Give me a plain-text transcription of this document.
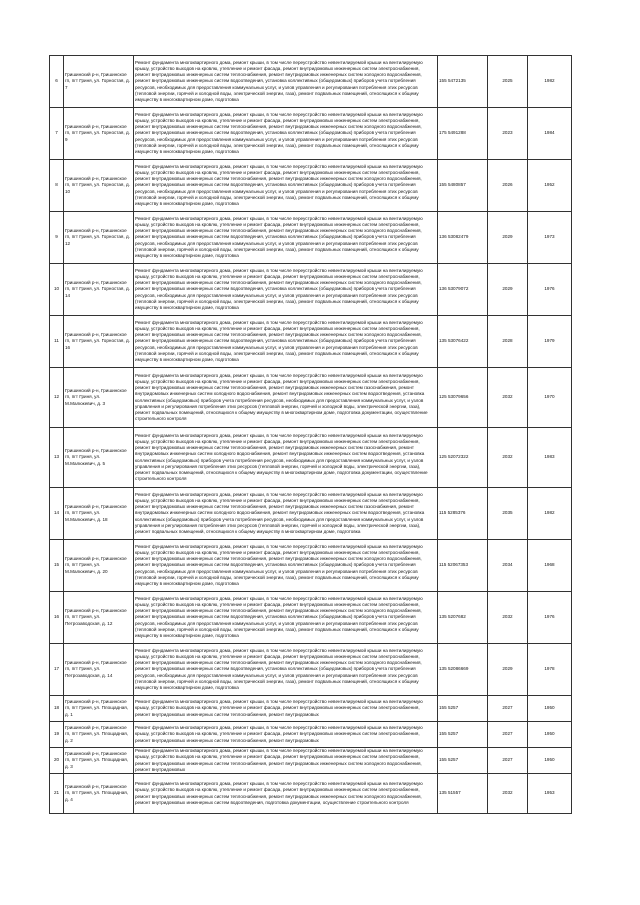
6	Гришинский р-н, Гришинское гп, пгт Гриня, ул. Горностая, д. 7	Ремонт фундамента многоквартирного дома, ремонт крыши, в том числе переустройство невентилируемой крыши на вентилируемую крышу, устройство выходов на кровлю, утепление и ремонт фасада, ремонт внутридомовых инженерных систем электроснабжения, ремонт внутридомовых инженерных систем теплоснабжения, ремонт внутридомовых инженерных систем холодного водоснабжения, ремонт внутридомовых инженерных систем водоотведения, установка коллективных (общедомовых) приборов учета потребления ресурсов, необходимых для предоставления коммунальных услуг, и узлов управления и регулирования потребления этих ресурсов (тепловой энергии, горячей и холодной воды, электрической энергии, газа), ремонт подвальных помещений, относящихся к общему имуществу в многоквартирном доме, подготовка	155 5472135	2025	1982
7	Гришинский р-н, Гришинское гп, пгт Гриня, ул. Горностая, д. 9	Ремонт фундамента многоквартирного дома, ремонт крыши, в том числе переустройство невентилируемой крыши на вентилируемую крышу, устройство выходов на кровлю, утепление и ремонт фасада, ремонт внутридомовых инженерных систем электроснабжения, ремонт внутридомовых инженерных систем теплоснабжения, ремонт внутридомовых инженерных систем холодного водоснабжения, ремонт внутридомовых инженерных систем водоотведения, установка коллективных (общедомовых) приборов учета потребления ресурсов, необходимых для предоставления коммунальных услуг, и узлов управления и регулирования потребления этих ресурсов (тепловой энергии, горячей и холодной воды, электрической энергии, газа), ремонт подвальных помещений, относящихся к общему имуществу в многоквартирном доме, подготовка	175 5491288	2023	1984
8	Гришинский р-н, Гришинское гп, пгт Гриня, ул. Горностая, д. 10	Ремонт фундамента многоквартирного дома, ремонт крыши, в том числе переустройство невентилируемой крыши на вентилируемую крышу, устройство выходов на кровлю, утепление и ремонт фасада, ремонт внутридомовых инженерных систем электроснабжения, ремонт внутридомовых инженерных систем теплоснабжения, ремонт внутридомовых инженерных систем холодного водоснабжения, ремонт внутридомовых инженерных систем водоотведения, установка коллективных (общедомовых) приборов учета потребления ресурсов, необходимых для предоставления коммунальных услуг, и узлов управления и регулирования потребления этих ресурсов (тепловой энергии, горячей и холодной воды, электрической энергии, газа), ремонт подвальных помещений, относящихся к общему имуществу в многоквартирном доме, подготовка	155 5480857	2026	1952
9	Гришинский р-н, Гришинское гп, пгт Гриня, ул. Горностая, д. 12	Ремонт фундамента многоквартирного дома, ремонт крыши, в том числе переустройство невентилируемой крыши на вентилируемую крышу, устройство выходов на кровлю, утепление и ремонт фасада, ремонт внутридомовых инженерных систем электроснабжения, ремонт внутридомовых инженерных систем теплоснабжения, ремонт внутридомовых инженерных систем холодного водоснабжения, ремонт внутридомовых инженерных систем водоотведения, установка коллективных (общедомовых) приборов учета потребления ресурсов, необходимых для предоставления коммунальных услуг, и узлов управления и регулирования потребления этих ресурсов (тепловой энергии, горячей и холодной воды, электрической энергии, газа), ремонт подвальных помещений, относящихся к общему имуществу в многоквартирном доме, подготовка	136 53082479	2029	1973
10	Гришинский р-н, Гришинское гп, пгт Гриня, ул. Горностая, д. 14	Ремонт фундамента многоквартирного дома, ремонт крыши, в том числе переустройство невентилируемой крыши на вентилируемую крышу, устройство выходов на кровлю, утепление и ремонт фасада, ремонт внутридомовых инженерных систем электроснабжения, ремонт внутридомовых инженерных систем теплоснабжения, ремонт внутридомовых инженерных систем холодного водоснабжения, ремонт внутридомовых инженерных систем водоотведения, установка коллективных (общедомовых) приборов учета потребления ресурсов, необходимых для предоставления коммунальных услуг, и узлов управления и регулирования потребления этих ресурсов (тепловой энергии, горячей и холодной воды, электрической энергии, газа), ремонт подвальных помещений, относящихся к общему имуществу в многоквартирном доме, подготовка	136 53079072	2029	1976
11	Гришинский р-н, Гришинское гп, пгт Гриня, ул. Горностая, д. 16	Ремонт фундамента многоквартирного дома, ремонт крыши, в том числе переустройство невентилируемой крыши на вентилируемую крышу, устройство выходов на кровлю, утепление и ремонт фасада, ремонт внутридомовых инженерных систем электроснабжения, ремонт внутридомовых инженерных систем теплоснабжения, ремонт внутридомовых инженерных систем холодного водоснабжения, ремонт внутридомовых инженерных систем водоотведения, установка коллективных (общедомовых) приборов учета потребления ресурсов, необходимых для предоставления коммунальных услуг, и узлов управления и регулирования потребления этих ресурсов (тепловой энергии, горячей и холодной воды, электрической энергии, газа), ремонт подвальных помещений, относящихся к общему имуществу в многоквартирном доме, подготовка	135 53076422	2028	1979
12	Гришинский р-н, Гришинское гп, пгт Гриня, ул. М.Малюкевич, д. 3	Ремонт фундамента многоквартирного дома, ремонт крыши, в том числе переустройство невентилируемой крыши на вентилируемую крышу, устройство выходов на кровлю, утепление и ремонт фасада, ремонт внутридомовых инженерных систем электроснабжения, ремонт внутридомовых инженерных систем теплоснабжения, ремонт внутридомовых инженерных систем газоснабжения, ремонт внутридомовых инженерных систем холодного водоснабжения, ремонт внутридомовых инженерных систем водоотведения, установка коллективных (общедомовых) приборов учета потребления ресурсов, необходимых для предоставления коммунальных услуг, и узлов управления и регулирования потребления этих ресурсов (тепловой энергии, горячей и холодной воды, электрической энергии, газа), ремонт подвальных помещений, относящихся к общему имуществу в многоквартирном доме, подготовка документации, осуществление строительного контроля	125 53079656	2032	1970
13	Гришинский р-н, Гришинское гп, пгт Гриня, ул. М.Малюкевич, д. 5	Ремонт фундамента многоквартирного дома, ремонт крыши, в том числе переустройство невентилируемой крыши на вентилируемую крышу, устройство выходов на кровлю, утепление и ремонт фасада, ремонт внутридомовых инженерных систем электроснабжения, ремонт внутридомовых инженерных систем теплоснабжения, ремонт внутридомовых инженерных систем газоснабжения, ремонт внутридомовых инженерных систем холодного водоснабжения, ремонт внутридомовых инженерных систем водоотведения, установка коллективных (общедомовых) приборов учета потребления ресурсов, необходимых для предоставления коммунальных услуг, и узлов управления и регулирования потребления этих ресурсов (тепловой энергии, горячей и холодной воды, электрической энергии, газа), ремонт подвальных помещений, относящихся к общему имуществу в многоквартирном доме, подготовка документации, осуществление строительного контроля	125 52072322	2032	1983
14	Гришинский р-н, Гришинское гп, пгт Гриня, ул. М.Малюкевич, д. 18	Ремонт фундамента многоквартирного дома, ремонт крыши, в том числе переустройство невентилируемой крыши на вентилируемую крышу, устройство выходов на кровлю, утепление и ремонт фасада, ремонт внутридомовых инженерных систем электроснабжения, ремонт внутридомовых инженерных систем теплоснабжения, ремонт внутридомовых инженерных систем газоснабжения, ремонт внутридомовых инженерных систем холодного водоснабжения, ремонт внутридомовых инженерных систем водоотведения, установка коллективных (общедомовых) приборов учета потребления ресурсов, необходимых для предоставления коммунальных услуг, и узлов управления и регулирования потребления этих ресурсов (тепловой энергии, горячей и холодной воды, электрической энергии, газа), ремонт подвальных помещений, относящихся к общему имуществу в многоквартирном доме, подготовка	115 5285376	2035	1982
15	Гришинский р-н, Гришинское гп, пгт Гриня, ул. М.Малюкевич, д. 20	Ремонт фундамента многоквартирного дома, ремонт крыши, в том числе переустройство невентилируемой крыши на вентилируемую крышу, устройство выходов на кровлю, утепление и ремонт фасада, ремонт внутридомовых инженерных систем электроснабжения, ремонт внутридомовых инженерных систем теплоснабжения, ремонт внутридомовых инженерных систем холодного водоснабжения, ремонт внутридомовых инженерных систем водоотведения, установка коллективных (общедомовых) приборов учета потребления ресурсов, необходимых для предоставления коммунальных услуг, и узлов управления и регулирования потребления этих ресурсов (тепловой энергии, горячей и холодной воды, электрической энергии, газа), ремонт подвальных помещений, относящихся к общему имуществу в многоквартирном доме, подготовка	115 52067353	2034	1968
16	Гришинский р-н, Гришинское гп, пгт Гриня, ул. Петрозаводская, д. 12	Ремонт фундамента многоквартирного дома, ремонт крыши, в том числе переустройство невентилируемой крыши на вентилируемую крышу, устройство выходов на кровлю, утепление и ремонт фасада, ремонт внутридомовых инженерных систем электроснабжения, ремонт внутридомовых инженерных систем теплоснабжения, ремонт внутридомовых инженерных систем холодного водоснабжения, ремонт внутридомовых инженерных систем водоотведения, установка коллективных (общедомовых) приборов учета потребления ресурсов, необходимых для предоставления коммунальных услуг, и узлов управления и регулирования потребления этих ресурсов (тепловой энергии, горячей и холодной воды, электрической энергии, газа), ремонт подвальных помещений, относящихся к общему имуществу в многоквартирном доме, подготовка	135 5207682	2032	1976
17	Гришинский р-н, Гришинское гп, пгт Гриня, ул. Петрозаводская, д. 14	Ремонт фундамента многоквартирного дома, ремонт крыши, в том числе переустройство невентилируемой крыши на вентилируемую крышу, устройство выходов на кровлю, утепление и ремонт фасада, ремонт внутридомовых инженерных систем электроснабжения, ремонт внутридомовых инженерных систем теплоснабжения, ремонт внутридомовых инженерных систем холодного водоснабжения, ремонт внутридомовых инженерных систем водоотведения, установка коллективных (общедомовых) приборов учета потребления ресурсов, необходимых для предоставления коммунальных услуг, и узлов управления и регулирования потребления этих ресурсов (тепловой энергии, горячей и холодной воды, электрической энергии, газа), ремонт подвальных помещений, относящихся к общему имуществу в многоквартирном доме, подготовка	135 52086669	2029	1978
18	Гришинский р-н, Гришинское гп, пгт Гриня, ул. Площадная, д. 1	Ремонт фундамента многоквартирного дома, ремонт крыши, в том числе переустройство невентилируемой крыши на вентилируемую крышу, устройство выходов на кровлю, утепление и ремонт фасада, ремонт внутридомовых инженерных систем электроснабжения, ремонт внутридомовых инженерных систем теплоснабжения, ремонт внутридомовых	155 5257	2027	1950
19	Гришинский р-н, Гришинское гп, пгт Гриня, ул. Площадная, д. 2	Ремонт фундамента многоквартирного дома, ремонт крыши, в том числе переустройство невентилируемой крыши на вентилируемую крышу, устройство выходов на кровлю, утепление и ремонт фасада, ремонт внутридомовых инженерных систем электроснабжения, ремонт внутридомовых инженерных систем теплоснабжения, ремонт внутридомовых	155 5257	2027	1950
20	Гришинский р-н, Гришинское гп, пгт Гриня, ул. Площадная, д. 3	Ремонт фундамента многоквартирного дома, ремонт крыши, в том числе переустройство невентилируемой крыши на вентилируемую крышу, устройство выходов на кровлю, утепление и ремонт фасада, ремонт внутридомовых инженерных систем электроснабжения, ремонт внутридомовых инженерных систем теплоснабжения, ремонт внутридомовых инженерных систем холодного водоснабжения, ремонт внутридомовых	155 5257	2027	1950
21	Гришинский р-н, Гришинское гп, пгт Гриня, ул. Площадная, д. 4	Ремонт фундамента многоквартирного дома, ремонт крыши, в том числе переустройство невентилируемой крыши на вентилируемую крышу, устройство выходов на кровлю, утепление и ремонт фасада, ремонт внутридомовых инженерных систем электроснабжения, ремонт внутридомовых инженерных систем теплоснабжения, ремонт внутридомовых инженерных систем холодного водоснабжения, ремонт внутридомовых инженерных систем водоотведения, подготовка документации, осуществление строительного контроля	135 51557	2032	1953
